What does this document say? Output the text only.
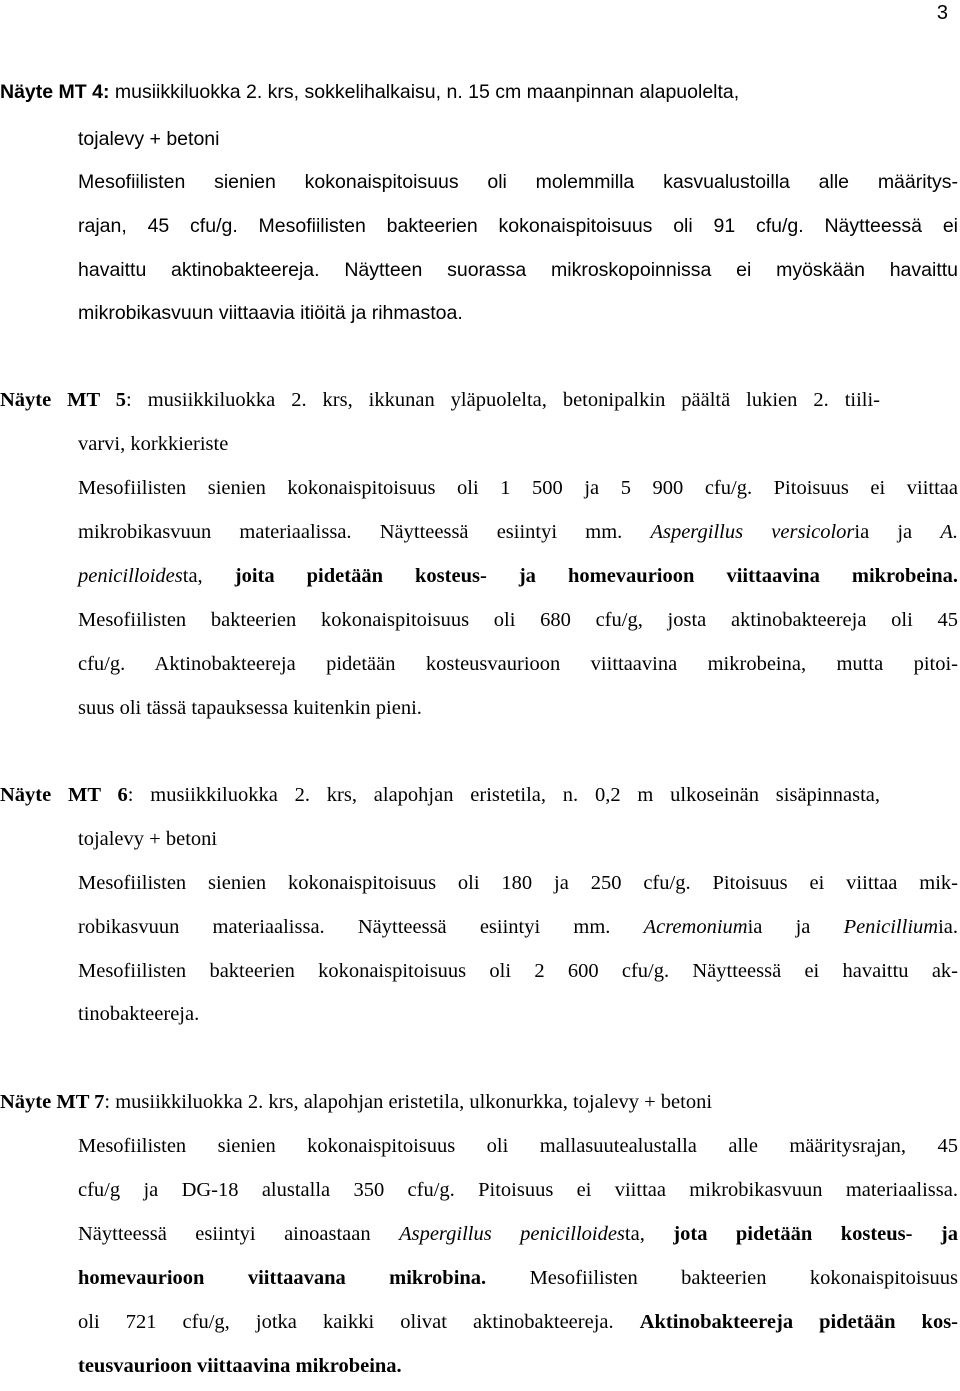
3
Näyte MT 4: musiikkiluokka 2. krs, sokkelihalkaisu, n. 15 cm maanpinnan alapuolelta,
tojalevy + betoni
Mesofiilisten sienien kokonaispitoisuus oli molemmilla kasvualustoilla alle määritys-
rajan, 45 cfu/g. Mesofiilisten bakteerien kokonaispitoisuus oli 91 cfu/g. Näytteessä ei
havaittu aktinobakteereja. Näytteen suorassa mikroskopoinnissa ei myöskään havaittu
mikrobikasvuun viittaavia itiöitä ja rihmastoa.
Näyte MT 5: musiikkiluokka 2. krs, ikkunan yläpuolelta, betonipalkin päältä lukien 2. tiili-
varvi, korkkieriste
Mesofiilisten sienien kokonaispitoisuus oli 1 500 ja 5 900 cfu/g. Pitoisuus ei viittaa
mikrobikasvuun materiaalissa. Näytteessä esiintyi mm. Aspergillus versicoloria ja A.
penicilloidesta, joita pidetään kosteus- ja homevaurioon viittaavina mikrobeina.
Mesofiilisten bakteerien kokonaispitoisuus oli 680 cfu/g, josta aktinobakteereja oli 45
cfu/g. Aktinobakteereja pidetään kosteusvaurioon viittaavina mikrobeina, mutta pitoi-
suus oli tässä tapauksessa kuitenkin pieni.
Näyte MT 6: musiikkiluokka 2. krs, alapohjan eristetila, n. 0,2 m ulkoseinän sisäpinnasta,
tojalevy + betoni
Mesofiilisten sienien kokonaispitoisuus oli 180 ja 250 cfu/g. Pitoisuus ei viittaa mik-
robikasvuun materiaalissa. Näytteessä esiintyi mm. Acremoniumia ja Penicilliumia.
Mesofiilisten bakteerien kokonaispitoisuus oli 2 600 cfu/g. Näytteessä ei havaittu ak-
tinobakteereja.
Näyte MT 7: musiikkiluokka 2. krs, alapohjan eristetila, ulkonurkka, tojalevy + betoni
Mesofiilisten sienien kokonaispitoisuus oli mallasuutealustalla alle määritysrajan, 45
cfu/g ja DG-18 alustalla 350 cfu/g. Pitoisuus ei viittaa mikrobikasvuun materiaalissa.
Näytteessä esiintyi ainoastaan Aspergillus penicilloidesta, jota pidetään kosteus- ja
homevaurioon viittaavana mikrobina. Mesofiilisten bakteerien kokonaispitoisuus
oli 721 cfu/g, jotka kaikki olivat aktinobakteereja. Aktinobakteereja pidetään kos-
teusvaurioon viittaavina mikrobeina.
